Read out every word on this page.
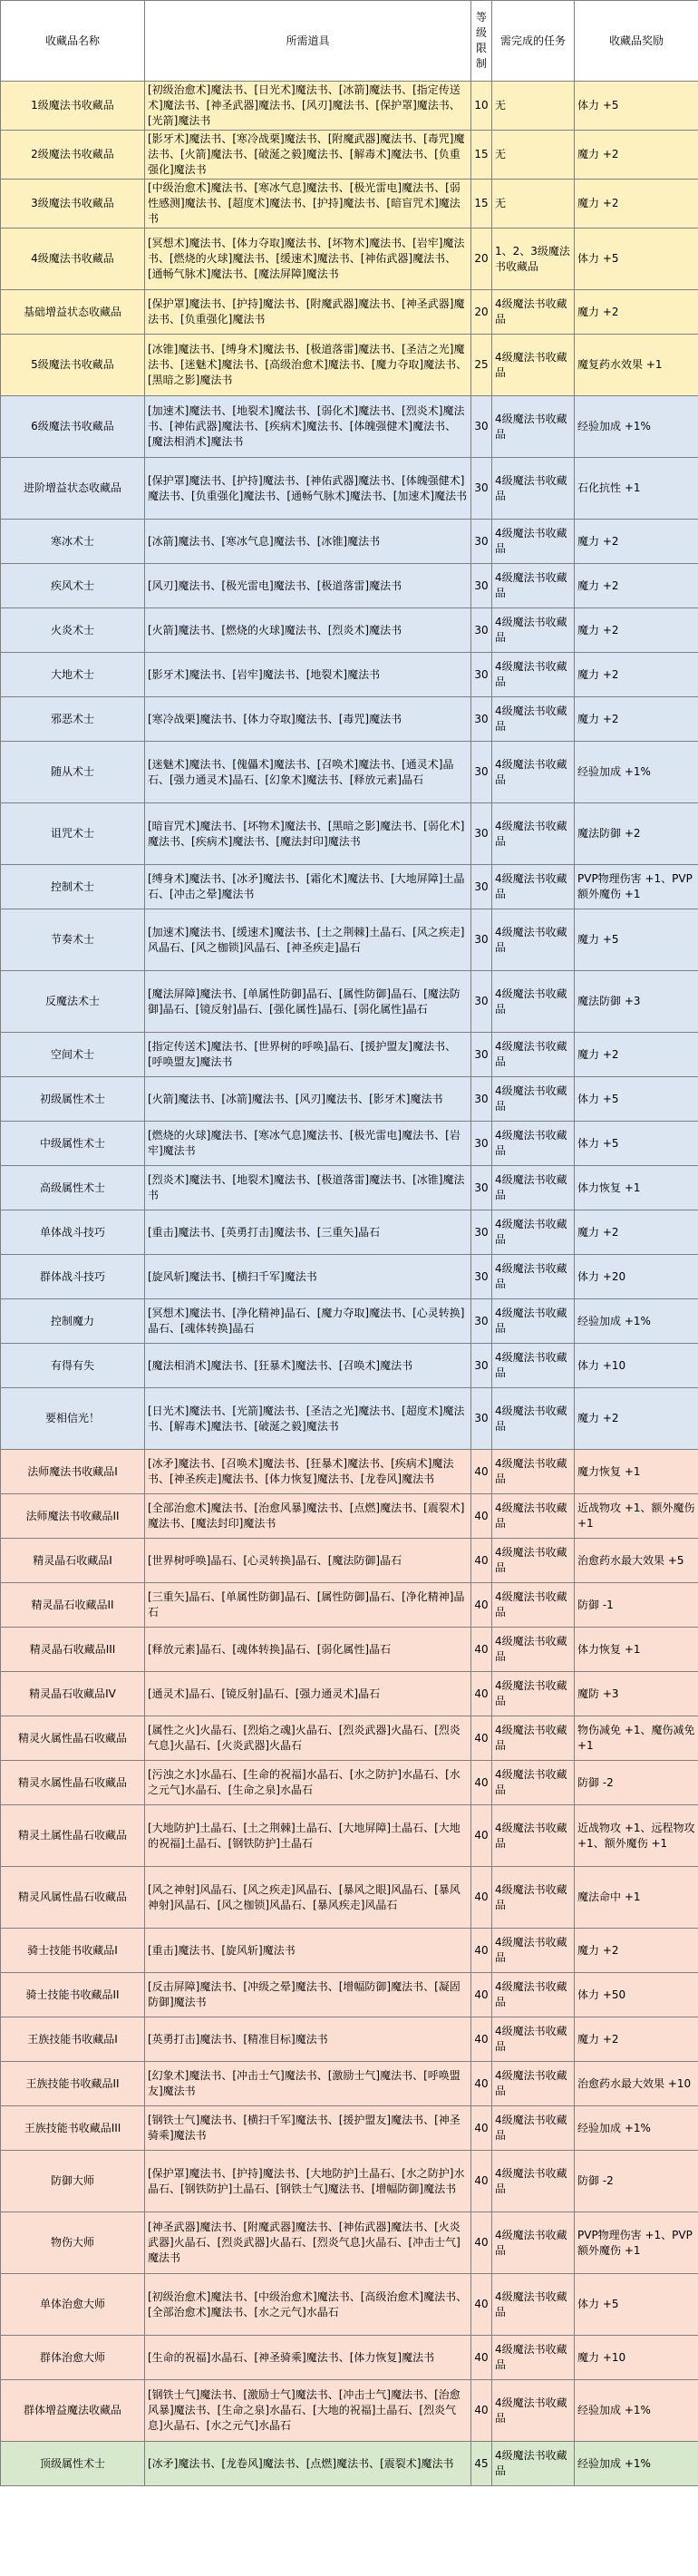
收藏品名称	所需道具	等级限制	需完成的任务	收藏品奖励
1级魔法书收藏品	[初级治愈术]魔法书、[日光术]魔法书、[冰箭]魔法书、[指定传送术]魔法书、[神圣武器]魔法书、[风刃]魔法书、[保护罩]魔法书、[光箭]魔法书	10	无	体力 +5
2级魔法书收藏品	[影牙术]魔法书、[寒冷战栗]魔法书、[附魔武器]魔法书、[毒咒]魔法书、[火箭]魔法书、[破涎之毅]魔法书、[解毒术]魔法书、[负重强化]魔法书	15	无	魔力 +2
3级魔法书收藏品	[中级治愈术]魔法书、[寒冰气息]魔法书、[极光雷电]魔法书、[弱性感测]魔法书、[超度术]魔法书、[护持]魔法书、[暗盲咒术]魔法书	15	无	魔力 +2
4级魔法书收藏品	[冥想术]魔法书、[体力夺取]魔法书、[坏物术]魔法书、[岩牢]魔法书、[燃烧的火球]魔法书、[缓速术]魔法书、[神佑武器]魔法书、[通畅气脉术]魔法书、[魔法屏障]魔法书	20	1、2、3级魔法书收藏品	体力 +5
基础增益状态收藏品	[保护罩]魔法书、[护持]魔法书、[附魔武器]魔法书、[神圣武器]魔法书、[负重强化]魔法书	20	4级魔法书收藏品	魔力 +2
5级魔法书收藏品	[冰锥]魔法书、[缚身术]魔法书、[极道落雷]魔法书、[圣洁之光]魔法书、[迷魅术]魔法书、[高级治愈术]魔法书、[魔力夺取]魔法书、[黑暗之影]魔法书	25	4级魔法书收藏品	魔复药水效果 +1
6级魔法书收藏品	[加速术]魔法书、[地裂术]魔法书、[弱化术]魔法书、[烈炎术]魔法书、[神佑武器]魔法书、[疾病术]魔法书、[体魄强健术]魔法书、[魔法相消术]魔法书	30	4级魔法书收藏品	经验加成 +1%
进阶增益状态收藏品	[保护罩]魔法书、[护持]魔法书、[神佑武器]魔法书、[体魄强健术]魔法书、[负重强化]魔法书、[通畅气脉术]魔法书、[加速术]魔法书	30	4级魔法书收藏品	石化抗性 +1
寒冰术士	[冰箭]魔法书、[寒冰气息]魔法书、[冰锥]魔法书	30	4级魔法书收藏品	魔力 +2
疾风术士	[风刃]魔法书、[极光雷电]魔法书、[极道落雷]魔法书	30	4级魔法书收藏品	魔力 +2
火炎术士	[火箭]魔法书、[燃烧的火球]魔法书、[烈炎术]魔法书	30	4级魔法书收藏品	魔力 +2
大地术士	[影牙术]魔法书、[岩牢]魔法书、[地裂术]魔法书	30	4级魔法书收藏品	魔力 +2
邪恶术士	[寒冷战栗]魔法书、[体力夺取]魔法书、[毒咒]魔法书	30	4级魔法书收藏品	魔力 +2
随从术士	[迷魅术]魔法书、[傀儡术]魔法书、[召唤术]魔法书、[通灵术]晶石、[强力通灵术]晶石、[幻象术]魔法书、[释放元素]晶石	30	4级魔法书收藏品	经验加成 +1%
诅咒术士	[暗盲咒术]魔法书、[坏物术]魔法书、[黑暗之影]魔法书、[弱化术]魔法书、[疾病术]魔法书、[魔法封印]魔法书	30	4级魔法书收藏品	魔法防御 +2
控制术士	[缚身术]魔法书、[冰矛]魔法书、[霜化术]魔法书、[大地屏障]土晶石、[冲击之晕]魔法书	30	4级魔法书收藏品	PVP物理伤害 +1、PVP额外魔伤 +1
节奏术士	[加速术]魔法书、[缓速术]魔法书、[土之荆棘]土晶石、[风之疾走]风晶石、[风之枷锁]风晶石、[神圣疾走]晶石	30	4级魔法书收藏品	魔力 +5
反魔法术士	[魔法屏障]魔法书、[单属性防御]晶石、[属性防御]晶石、[魔法防御]晶石、[镜反射]晶石、[强化属性]晶石、[弱化属性]晶石	30	4级魔法书收藏品	魔法防御 +3
空间术士	[指定传送术]魔法书、[世界树的呼唤]晶石、[援护盟友]魔法书、[呼唤盟友]魔法书	30	4级魔法书收藏品	魔力 +2
初级属性术士	[火箭]魔法书、[冰箭]魔法书、[风刃]魔法书、[影牙术]魔法书	30	4级魔法书收藏品	体力 +5
中级属性术士	[燃烧的火球]魔法书、[寒冰气息]魔法书、[极光雷电]魔法书、[岩牢]魔法书	30	4级魔法书收藏品	体力 +5
高级属性术士	[烈炎术]魔法书、[地裂术]魔法书、[极道落雷]魔法书、[冰锥]魔法书	30	4级魔法书收藏品	体力恢复 +1
单体战斗技巧	[重击]魔法书、[英勇打击]魔法书、[三重矢]晶石	30	4级魔法书收藏品	魔力 +2
群体战斗技巧	[旋风斩]魔法书、[横扫千军]魔法书	30	4级魔法书收藏品	体力 +20
控制魔力	[冥想术]魔法书、[净化精神]晶石、[魔力夺取]魔法书、[心灵转换]晶石、[魂体转换]晶石	30	4级魔法书收藏品	经验加成 +1%
有得有失	[魔法相消术]魔法书、[狂暴术]魔法书、[召唤术]魔法书	30	4级魔法书收藏品	体力 +10
要相信光！	[日光术]魔法书、[光箭]魔法书、[圣洁之光]魔法书、[超度术]魔法书、[解毒术]魔法书、[破涎之毅]魔法书	30	4级魔法书收藏品	魔力 +2
法师魔法书收藏品I	[冰矛]魔法书、[召唤术]魔法书、[狂暴术]魔法书、[疾病术]魔法书、[神圣疾走]魔法书、[体力恢复]魔法书、[龙卷风]魔法书	40	4级魔法书收藏品	魔力恢复 +1
法师魔法书收藏品II	[全部治愈术]魔法书、[治愈风暴]魔法书、[点燃]魔法书、[震裂术]魔法书、[魔法封印]魔法书	40	4级魔法书收藏品	近战物攻 +1、额外魔伤 +1
精灵晶石收藏品I	[世界树呼唤]晶石、[心灵转换]晶石、[魔法防御]晶石	40	4级魔法书收藏品	治愈药水最大效果 +5
精灵晶石收藏品II	[三重矢]晶石、[单属性防御]晶石、[属性防御]晶石、[净化精神]晶石	40	4级魔法书收藏品	防御 -1
精灵晶石收藏品III	[释放元素]晶石、[魂体转换]晶石、[弱化属性]晶石	40	4级魔法书收藏品	体力恢复 +1
精灵晶石收藏品IV	[通灵术]晶石、[镜反射]晶石、[强力通灵术]晶石	40	4级魔法书收藏品	魔防 +3
精灵火属性晶石收藏品	[属性之火]火晶石、[烈焰之魂]火晶石、[烈炎武器]火晶石、[烈炎气息]火晶石、[火炎武器]火晶石	40	4级魔法书收藏品	物伤减免 +1、魔伤减免 +1
精灵水属性晶石收藏品	[污浊之水]水晶石、[生命的祝福]水晶石、[水之防护]水晶石、[水之元气]水晶石、[生命之泉]水晶石	40	4级魔法书收藏品	防御 -2
精灵土属性晶石收藏品	[大地防护]土晶石、[土之荆棘]土晶石、[大地屏障]土晶石、[大地的祝福]土晶石、[钢铁防护]土晶石	40	4级魔法书收藏品	近战物攻 +1、远程物攻 +1、额外魔伤 +1
精灵风属性晶石收藏品	[风之神射]风晶石、[风之疾走]风晶石、[暴风之眼]风晶石、[暴风神射]风晶石、[风之枷锁]风晶石、[暴风疾走]风晶石	40	4级魔法书收藏品	魔法命中 +1
骑士技能书收藏品I	[重击]魔法书、[旋风斩]魔法书	40	4级魔法书收藏品	魔力 +2
骑士技能书收藏品II	[反击屏障]魔法书、[冲级之晕]魔法书、[增幅防御]魔法书、[凝固防御]魔法书	40	4级魔法书收藏品	体力 +50
王族技能书收藏品I	[英勇打击]魔法书、[精准目标]魔法书	40	4级魔法书收藏品	魔力 +2
王族技能书收藏品II	[幻象术]魔法书、[冲击士气]魔法书、[激励士气]魔法书、[呼唤盟友]魔法书	40	4级魔法书收藏品	治愈药水最大效果 +10
王族技能书收藏品III	[钢铁士气]魔法书、[横扫千军]魔法书、[援护盟友]魔法书、[神圣骑乘]魔法书	40	4级魔法书收藏品	经验加成 +1%
防御大师	[保护罩]魔法书、[护持]魔法书、[大地防护]土晶石、[水之防护]水晶石、[钢铁防护]土晶石、[钢铁士气]魔法书、[增幅防御]魔法书	40	4级魔法书收藏品	防御 -2
物伤大师	[神圣武器]魔法书、[附魔武器]魔法书、[神佑武器]魔法书、[火炎武器]火晶石、[烈炎武器]火晶石、[烈炎气息]火晶石、[冲击士气]魔法书	40	4级魔法书收藏品	PVP物理伤害 +1、PVP额外魔伤 +1
单体治愈大师	[初级治愈术]魔法书、[中级治愈术]魔法书、[高级治愈术]魔法书、[全部治愈术]魔法书、[水之元气]水晶石	40	4级魔法书收藏品	体力 +5
群体治愈大师	[生命的祝福]水晶石、[神圣骑乘]魔法书、[体力恢复]魔法书	40	4级魔法书收藏品	魔力 +10
群体增益魔法收藏品	[钢铁士气]魔法书、[激励士气]魔法书、[冲击士气]魔法书、[治愈风暴]魔法书、[生命之泉]水晶石、[大地的祝福]土晶石、[烈炎气息]火晶石、[水之元气]水晶石	40	4级魔法书收藏品	经验加成 +1%
顶级属性术士	[冰矛]魔法书、[龙卷风]魔法书、[点燃]魔法书、[震裂术]魔法书	45	4级魔法书收藏品	经验加成 +1%
